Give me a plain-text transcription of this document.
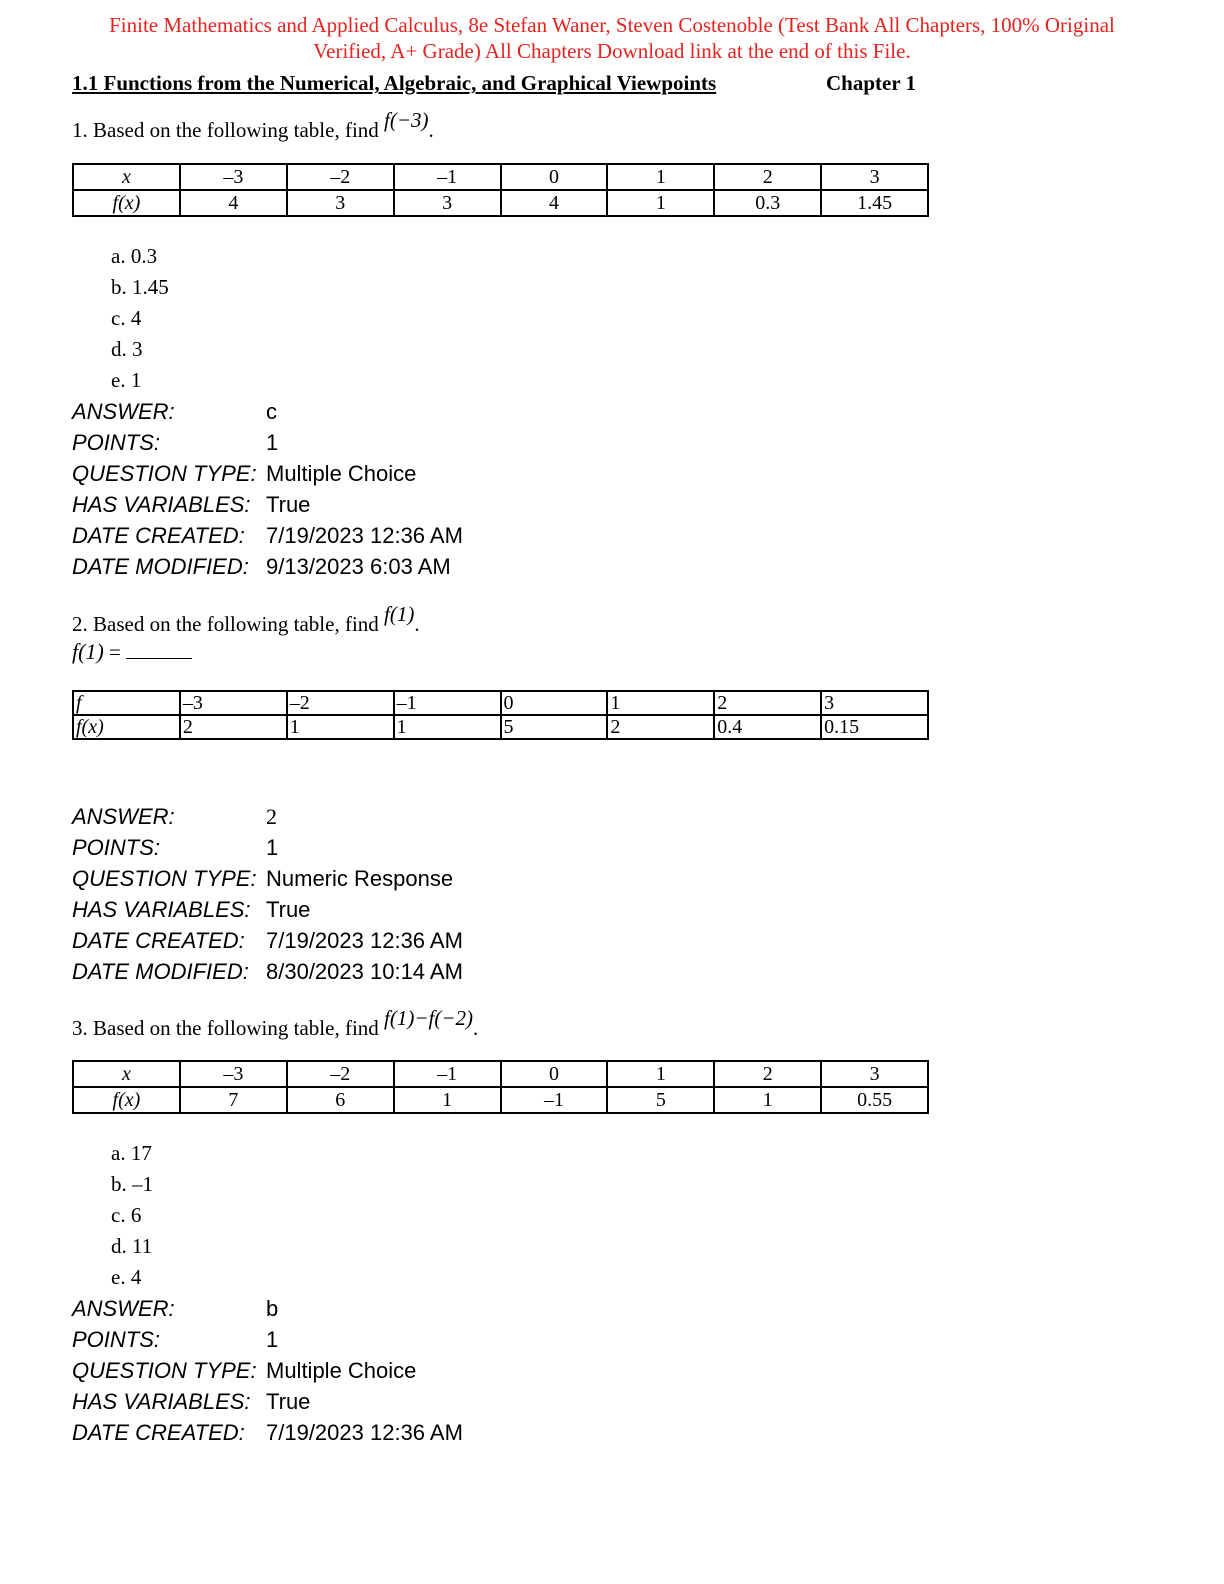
Finite Mathematics and Applied Calculus, 8e Stefan Waner, Steven Costenoble (Test Bank All Chapters, 100% Original
Verified, A+ Grade) All Chapters Download link at the end of this File.
1.1 Functions from the Numerical, Algebraic, and Graphical Viewpoints	Chapter 1
1. Based on the following table, find f(−3).
x	–3	–2	–1	0	1	2	3
f(x)	4	3	3	4	1	0.3	1.45
a. 0.3
b. 1.45
c. 4
d. 3
e. 1
ANSWER:	c
POINTS:	1
QUESTION TYPE: Multiple Choice
HAS VARIABLES: True
DATE CREATED: 7/19/2023 12:36 AM
DATE MODIFIED: 9/13/2023 6:03 AM
2. Based on the following table, find f(1).
f(1) =
f	–3	–2	–1	0	1	2	3
f(x)	2	1	1	5	2	0.4	0.15
ANSWER:	2
POINTS:	1
QUESTION TYPE: Numeric Response
HAS VARIABLES: True
DATE CREATED: 7/19/2023 12:36 AM
DATE MODIFIED: 8/30/2023 10:14 AM
3. Based on the following table, find f(1)−f(−2).
x	–3	–2	–1	0	1	2	3
f(x)	7	6	1	–1	5	1	0.55
a. 17
b. –1
c. 6
d. 11
e. 4
ANSWER:	b
POINTS:	1
QUESTION TYPE: Multiple Choice
HAS VARIABLES: True
DATE CREATED: 7/19/2023 12:36 AM
